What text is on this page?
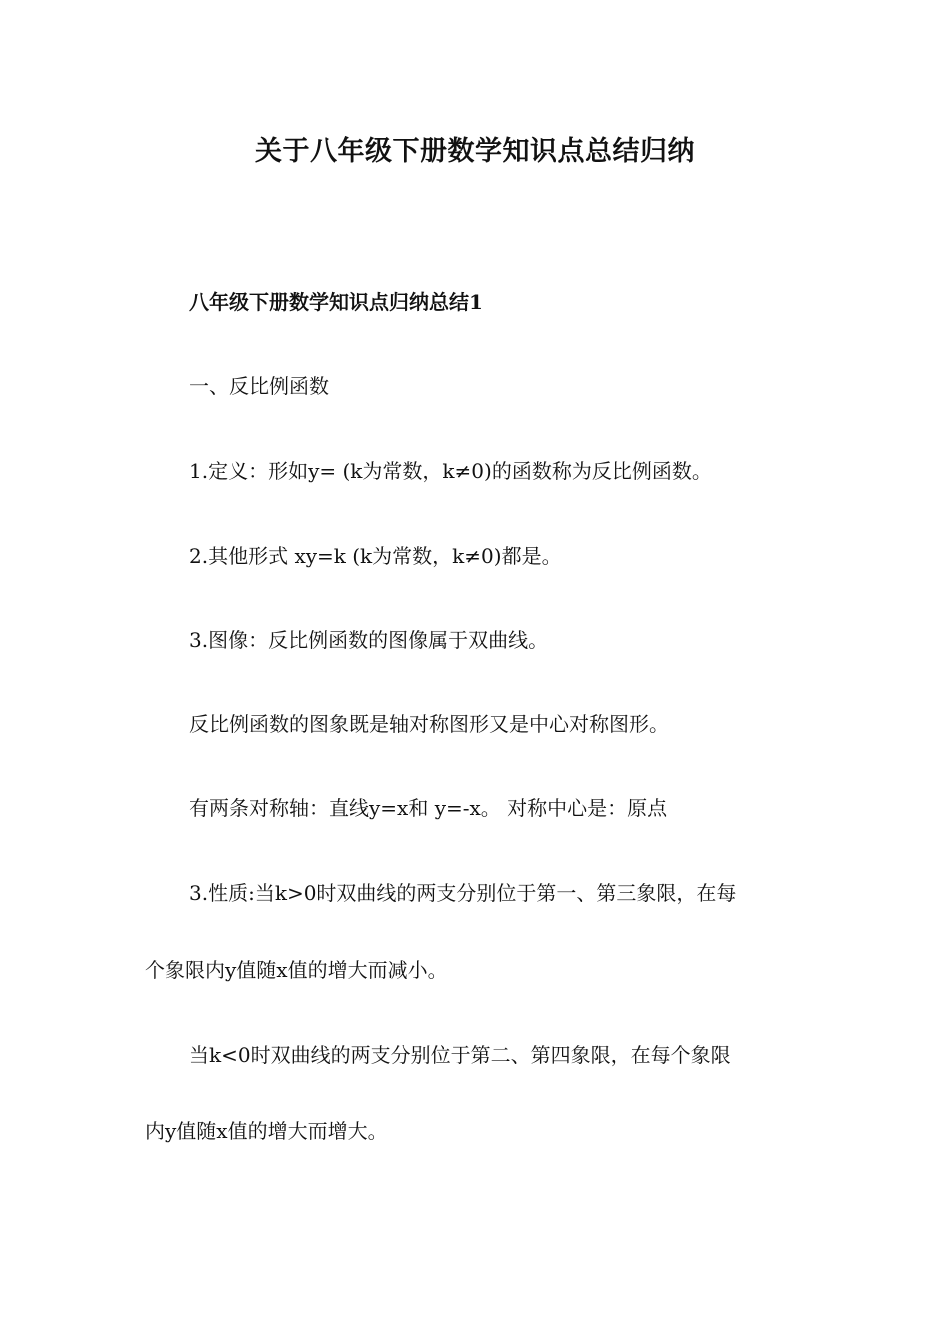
关于八年级下册数学知识点总结归纳
八年级下册数学知识点归纳总结1

一、反比例函数

1.定义：形如y= (k为常数，k≠0)的函数称为反比例函数。

2.其他形式 xy=k (k为常数，k≠0)都是。

3.图像：反比例函数的图像属于双曲线。

反比例函数的图象既是轴对称图形又是中心对称图形。

有两条对称轴：直线y=x和 y=-x。 对称中心是：原点

3.性质:当k>0时双曲线的两支分别位于第一、第三象限，在每

个象限内y值随x值的增大而减小。

当k<0时双曲线的两支分别位于第二、第四象限，在每个象限

内y值随x值的增大而增大。
